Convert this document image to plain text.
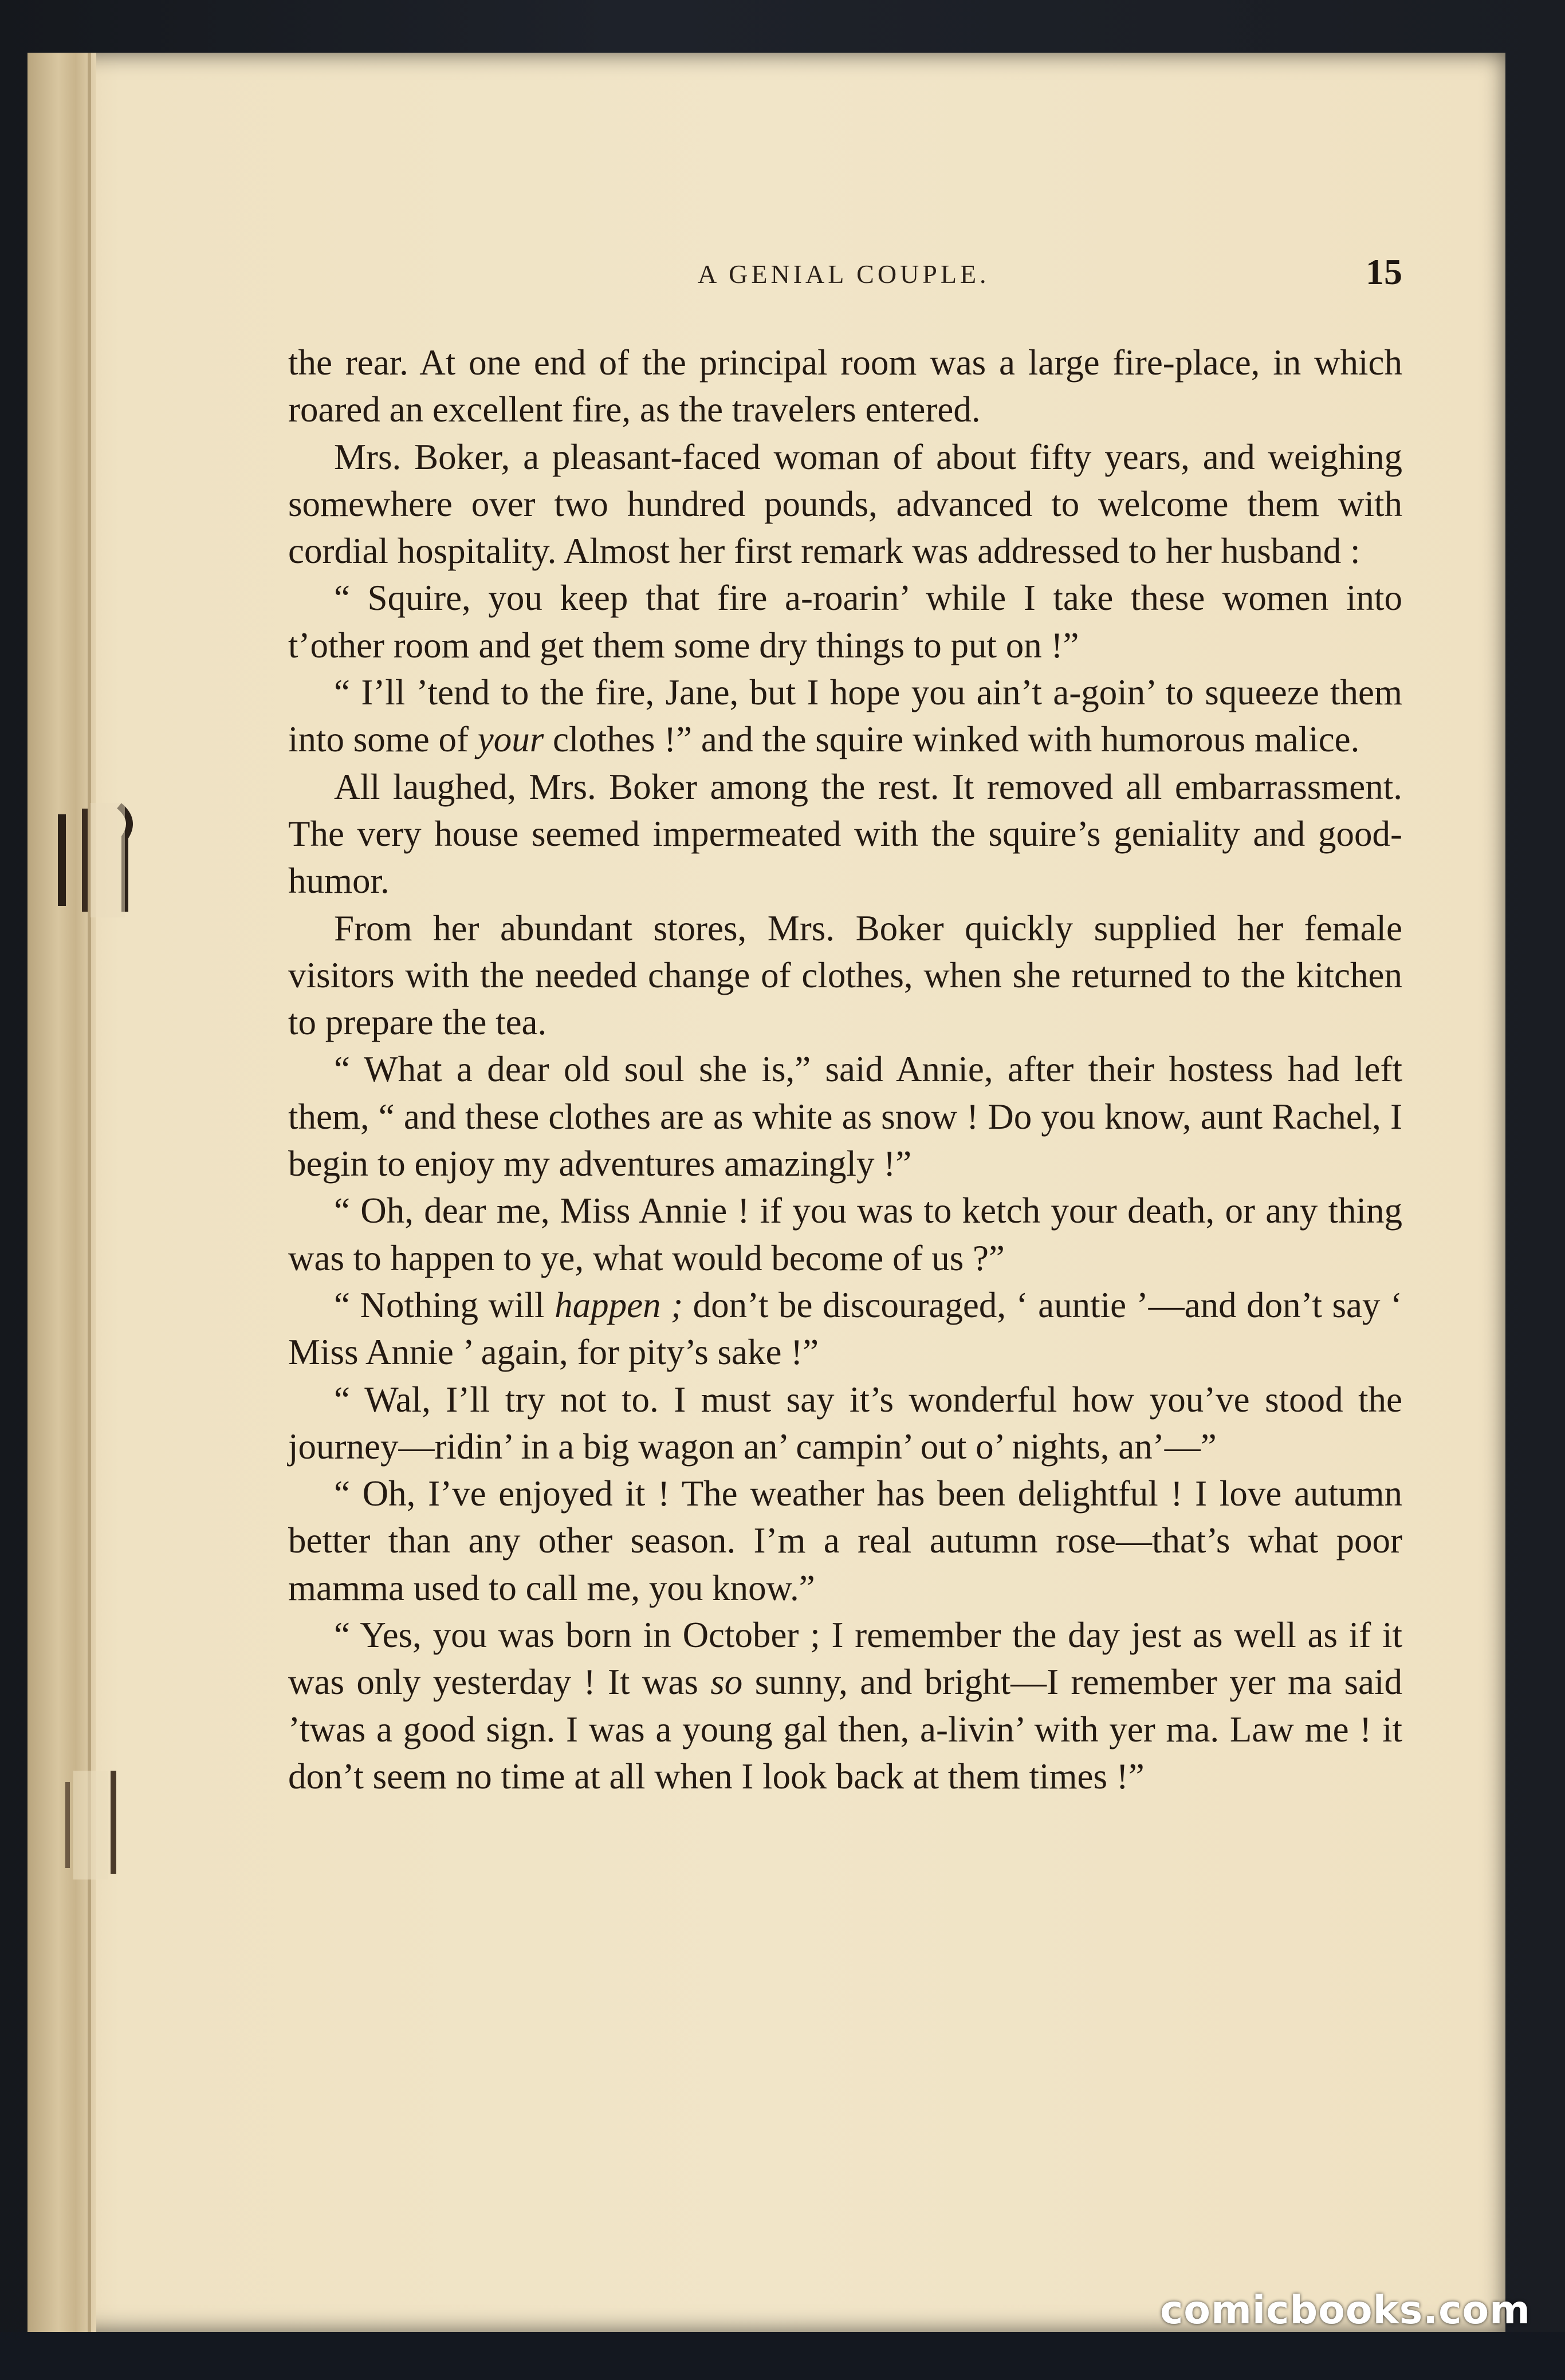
A GENIAL COUPLE.	15

the rear. At one end of the principal room was a large fire-place, in which roared an excellent fire, as the travelers entered.

Mrs. Boker, a pleasant-faced woman of about fifty years, and weighing somewhere over two hundred pounds, advanced to welcome them with cordial hospitality. Almost her first remark was addressed to her husband :

“ Squire, you keep that fire a-roarin’ while I take these women into t’other room and get them some dry things to put on !”

“ I’ll ’tend to the fire, Jane, but I hope you ain’t a-goin’ to squeeze them into some of your clothes !” and the squire winked with humorous malice.

All laughed, Mrs. Boker among the rest. It removed all embarrassment. The very house seemed impermeated with the squire’s geniality and good-humor.

From her abundant stores, Mrs. Boker quickly supplied her female visitors with the needed change of clothes, when she returned to the kitchen to prepare the tea.

“ What a dear old soul she is,” said Annie, after their hostess had left them, “ and these clothes are as white as snow ! Do you know, aunt Rachel, I begin to enjoy my adventures amazingly !”

“ Oh, dear me, Miss Annie ! if you was to ketch your death, or any thing was to happen to ye, what would become of us ?”

“ Nothing will happen ; don’t be discouraged, ‘ auntie ’—and don’t say ‘ Miss Annie ’ again, for pity’s sake !”

“ Wal, I’ll try not to. I must say it’s wonderful how you’ve stood the journey—ridin’ in a big wagon an’ campin’ out o’ nights, an’—”

“ Oh, I’ve enjoyed it ! The weather has been delightful ! I love autumn better than any other season. I’m a real autumn rose—that’s what poor mamma used to call me, you know.”

“ Yes, you was born in October ; I remember the day jest as well as if it was only yesterday ! It was so sunny, and bright—I remember yer ma said ’twas a good sign. I was a young gal then, a-livin’ with yer ma. Law me ! it don’t seem no time at all when I look back at them times !”

comicbooks.com
